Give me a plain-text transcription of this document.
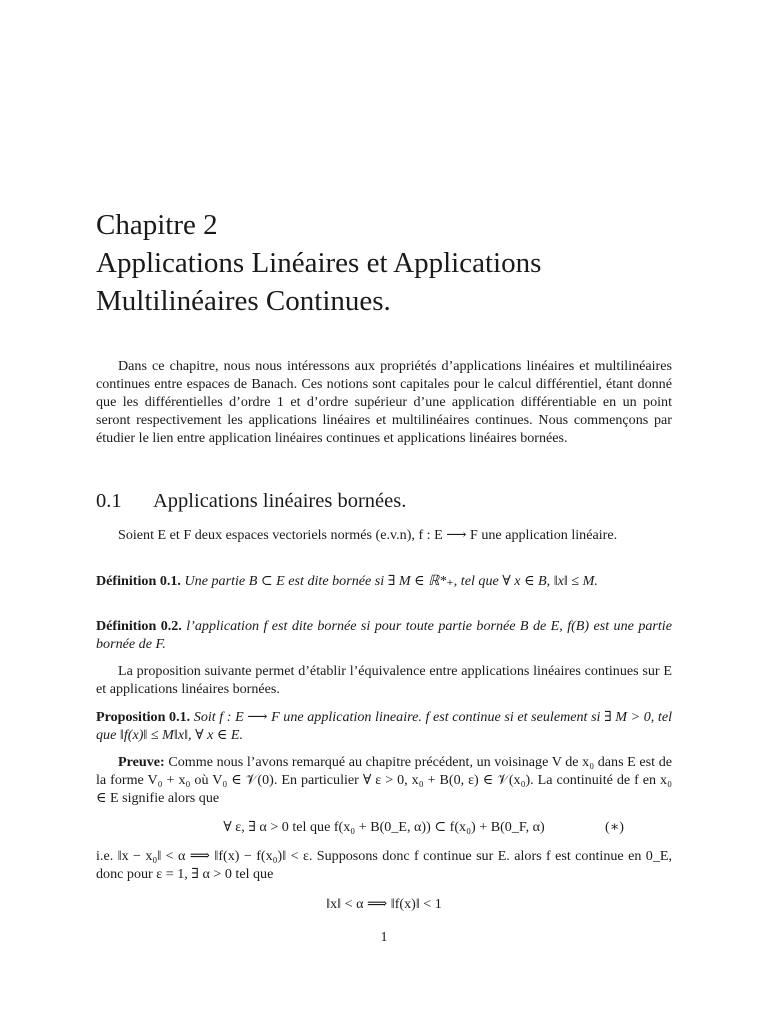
Chapitre 2
Applications Linéaires et Applications
Multilinéaires Continues.

Dans ce chapitre, nous nous intéressons aux propriétés d’applications linéaires et multilinéaires continues entre espaces de Banach. Ces notions sont capitales pour le calcul différentiel, étant donné que les différentielles d’ordre 1 et d’ordre supérieur d’une application différentiable en un point seront respectivement les applications linéaires et multilinéaires continues. Nous commençons par étudier le lien entre application linéaires continues et applications linéaires bornées.

0.1 Applications linéaires bornées.

Soient E et F deux espaces vectoriels normés (e.v.n), f : E ⟶ F une application linéaire.

Définition 0.1. Une partie B ⊂ E est dite bornée si ∃ M ∈ ℝ*₊, tel que ∀ x ∈ B, ‖x‖ ≤ M.

Définition 0.2. l’application f est dite bornée si pour toute partie bornée B de E, f(B) est une partie bornée de F.

La proposition suivante permet d’établir l’équivalence entre applications linéaires continues sur E et applications linéaires bornées.

Proposition 0.1. Soit f : E ⟶ F une application lineaire. f est continue si et seulement si ∃ M > 0, tel que ‖f(x)‖ ≤ M‖x‖, ∀ x ∈ E.

Preuve: Comme nous l’avons remarqué au chapitre précédent, un voisinage V de x₀ dans E est de la forme V₀ + x₀ où V₀ ∈ 𝒱(0). En particulier ∀ ε > 0, x₀ + B(0, ε) ∈ 𝒱(x₀). La continuité de f en x₀ ∈ E signifie alors que

∀ ε, ∃ α > 0 tel que f(x₀ + B(0_E, α)) ⊂ f(x₀) + B(0_F, α)	(∗)

i.e. ‖x − x₀‖ < α ⟹ ‖f(x) − f(x₀)‖ < ε. Supposons donc f continue sur E. alors f est continue en 0_E, donc pour ε = 1, ∃ α > 0 tel que

‖x‖ < α ⟹ ‖f(x)‖ < 1
1
